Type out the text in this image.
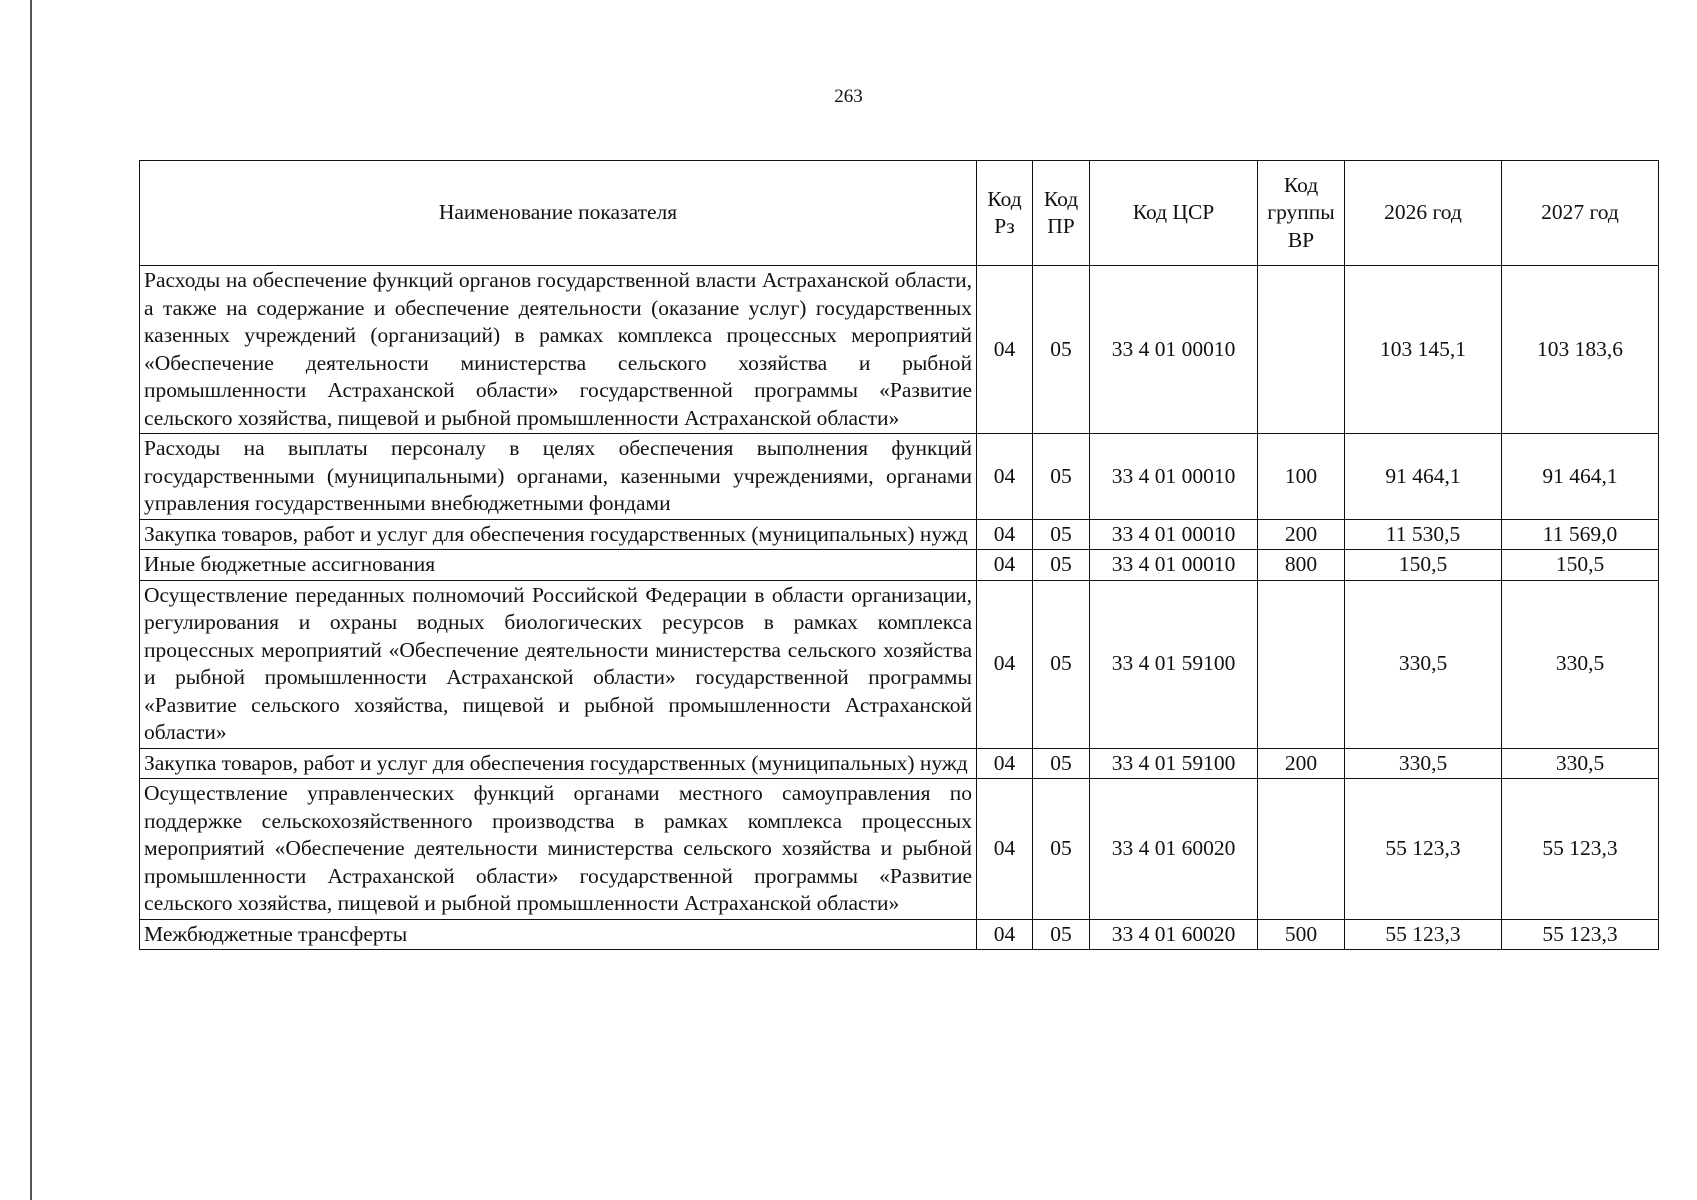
263
Наименование показателя	Код Рз	Код ПР	Код ЦСР	Код группы ВР	2026 год	2027 год
Расходы на обеспечение функций органов государственной власти Астраханской области, а также на содержание и обеспечение деятельности (оказание услуг) государственных казенных учреждений (организаций) в рамках комплекса процессных мероприятий «Обеспечение деятельности министерства сельского хозяйства и рыбной промышленности Астраханской области» государственной программы «Развитие сельского хозяйства, пищевой и рыбной промышленности Астраханской области»	04	05	33 4 01 00010		103 145,1	103 183,6
Расходы на выплаты персоналу в целях обеспечения выполнения функций государственными (муниципальными) органами, казенными учреждениями, органами управления государственными внебюджетными фондами	04	05	33 4 01 00010	100	91 464,1	91 464,1
Закупка товаров, работ и услуг для обеспечения государственных (муниципальных) нужд	04	05	33 4 01 00010	200	11 530,5	11 569,0
Иные бюджетные ассигнования	04	05	33 4 01 00010	800	150,5	150,5
Осуществление переданных полномочий Российской Федерации в области организации, регулирования и охраны водных биологических ресурсов в рамках комплекса процессных мероприятий «Обеспечение деятельности министерства сельского хозяйства и рыбной промышленности Астраханской области» государственной программы «Развитие сельского хозяйства, пищевой и рыбной промышленности Астраханской области»	04	05	33 4 01 59100		330,5	330,5
Закупка товаров, работ и услуг для обеспечения государственных (муниципальных) нужд	04	05	33 4 01 59100	200	330,5	330,5
Осуществление управленческих функций органами местного самоуправления по поддержке сельскохозяйственного производства в рамках комплекса процессных мероприятий «Обеспечение деятельности министерства сельского хозяйства и рыбной промышленности Астраханской области» государственной программы «Развитие сельского хозяйства, пищевой и рыбной промышленности Астраханской области»	04	05	33 4 01 60020		55 123,3	55 123,3
Межбюджетные трансферты	04	05	33 4 01 60020	500	55 123,3	55 123,3
